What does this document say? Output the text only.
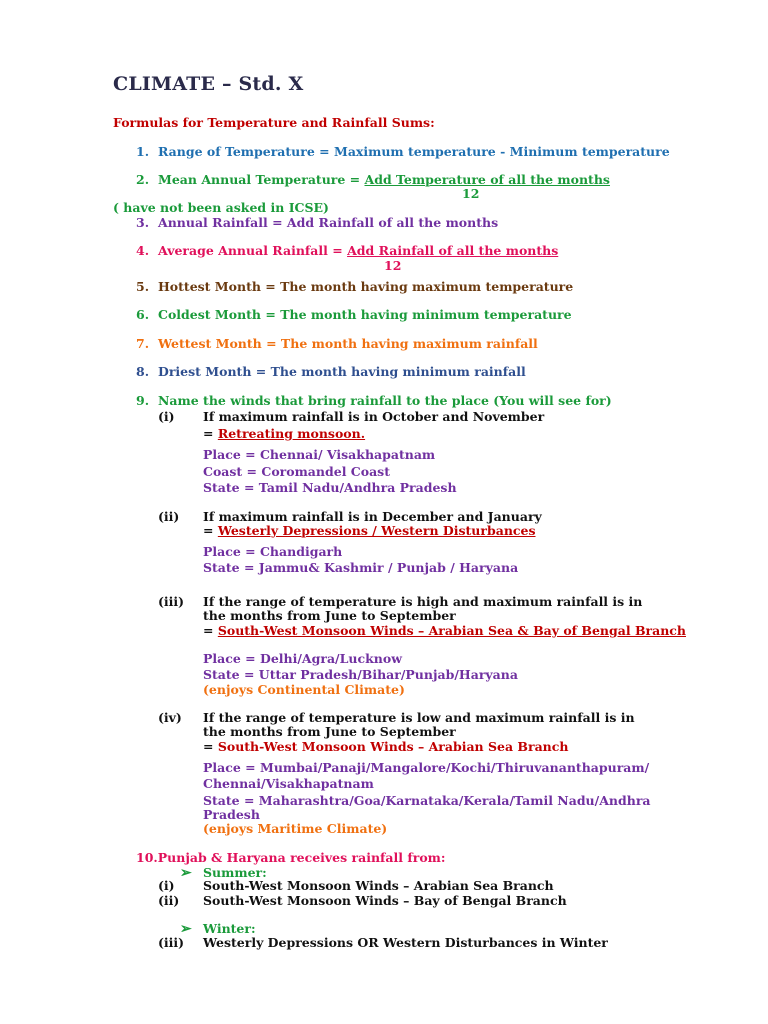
CLIMATE – Std. X
Formulas for Temperature and Rainfall Sums:
1. Range of Temperature = Maximum temperature - Minimum temperature
2. Mean Annual Temperature = Add Temperature of all the months
12
( have not been asked in ICSE)
3. Annual Rainfall = Add Rainfall of all the months
4. Average Annual Rainfall = Add Rainfall of all the months
12
5. Hottest Month = The month having maximum temperature
6. Coldest Month = The month having minimum temperature
7. Wettest Month = The month having maximum rainfall
8. Driest Month = The month having minimum rainfall
9. Name the winds that bring rainfall to the place (You will see for)
(i) If maximum rainfall is in October and November
= Retreating monsoon.
Place = Chennai/ Visakhapatnam
Coast = Coromandel Coast
State = Tamil Nadu/Andhra Pradesh
(ii) If maximum rainfall is in December and January
= Westerly Depressions / Western Disturbances
Place = Chandigarh
State = Jammu& Kashmir / Punjab / Haryana
(iii) If the range of temperature is high and maximum rainfall is in
the months from June to September
= South-West Monsoon Winds – Arabian Sea & Bay of Bengal Branch
Place = Delhi/Agra/Lucknow
State = Uttar Pradesh/Bihar/Punjab/Haryana
(enjoys Continental Climate)
(iv) If the range of temperature is low and maximum rainfall is in
the months from June to September
= South-West Monsoon Winds – Arabian Sea Branch
Place = Mumbai/Panaji/Mangalore/Kochi/Thiruvananthapuram/
Chennai/Visakhapatnam
State = Maharashtra/Goa/Karnataka/Kerala/Tamil Nadu/Andhra
Pradesh
(enjoys Maritime Climate)
10.Punjab & Haryana receives rainfall from:
➢ Summer:
(i) South-West Monsoon Winds – Arabian Sea Branch
(ii) South-West Monsoon Winds – Bay of Bengal Branch
➢ Winter:
(iii) Westerly Depressions OR Western Disturbances in Winter
